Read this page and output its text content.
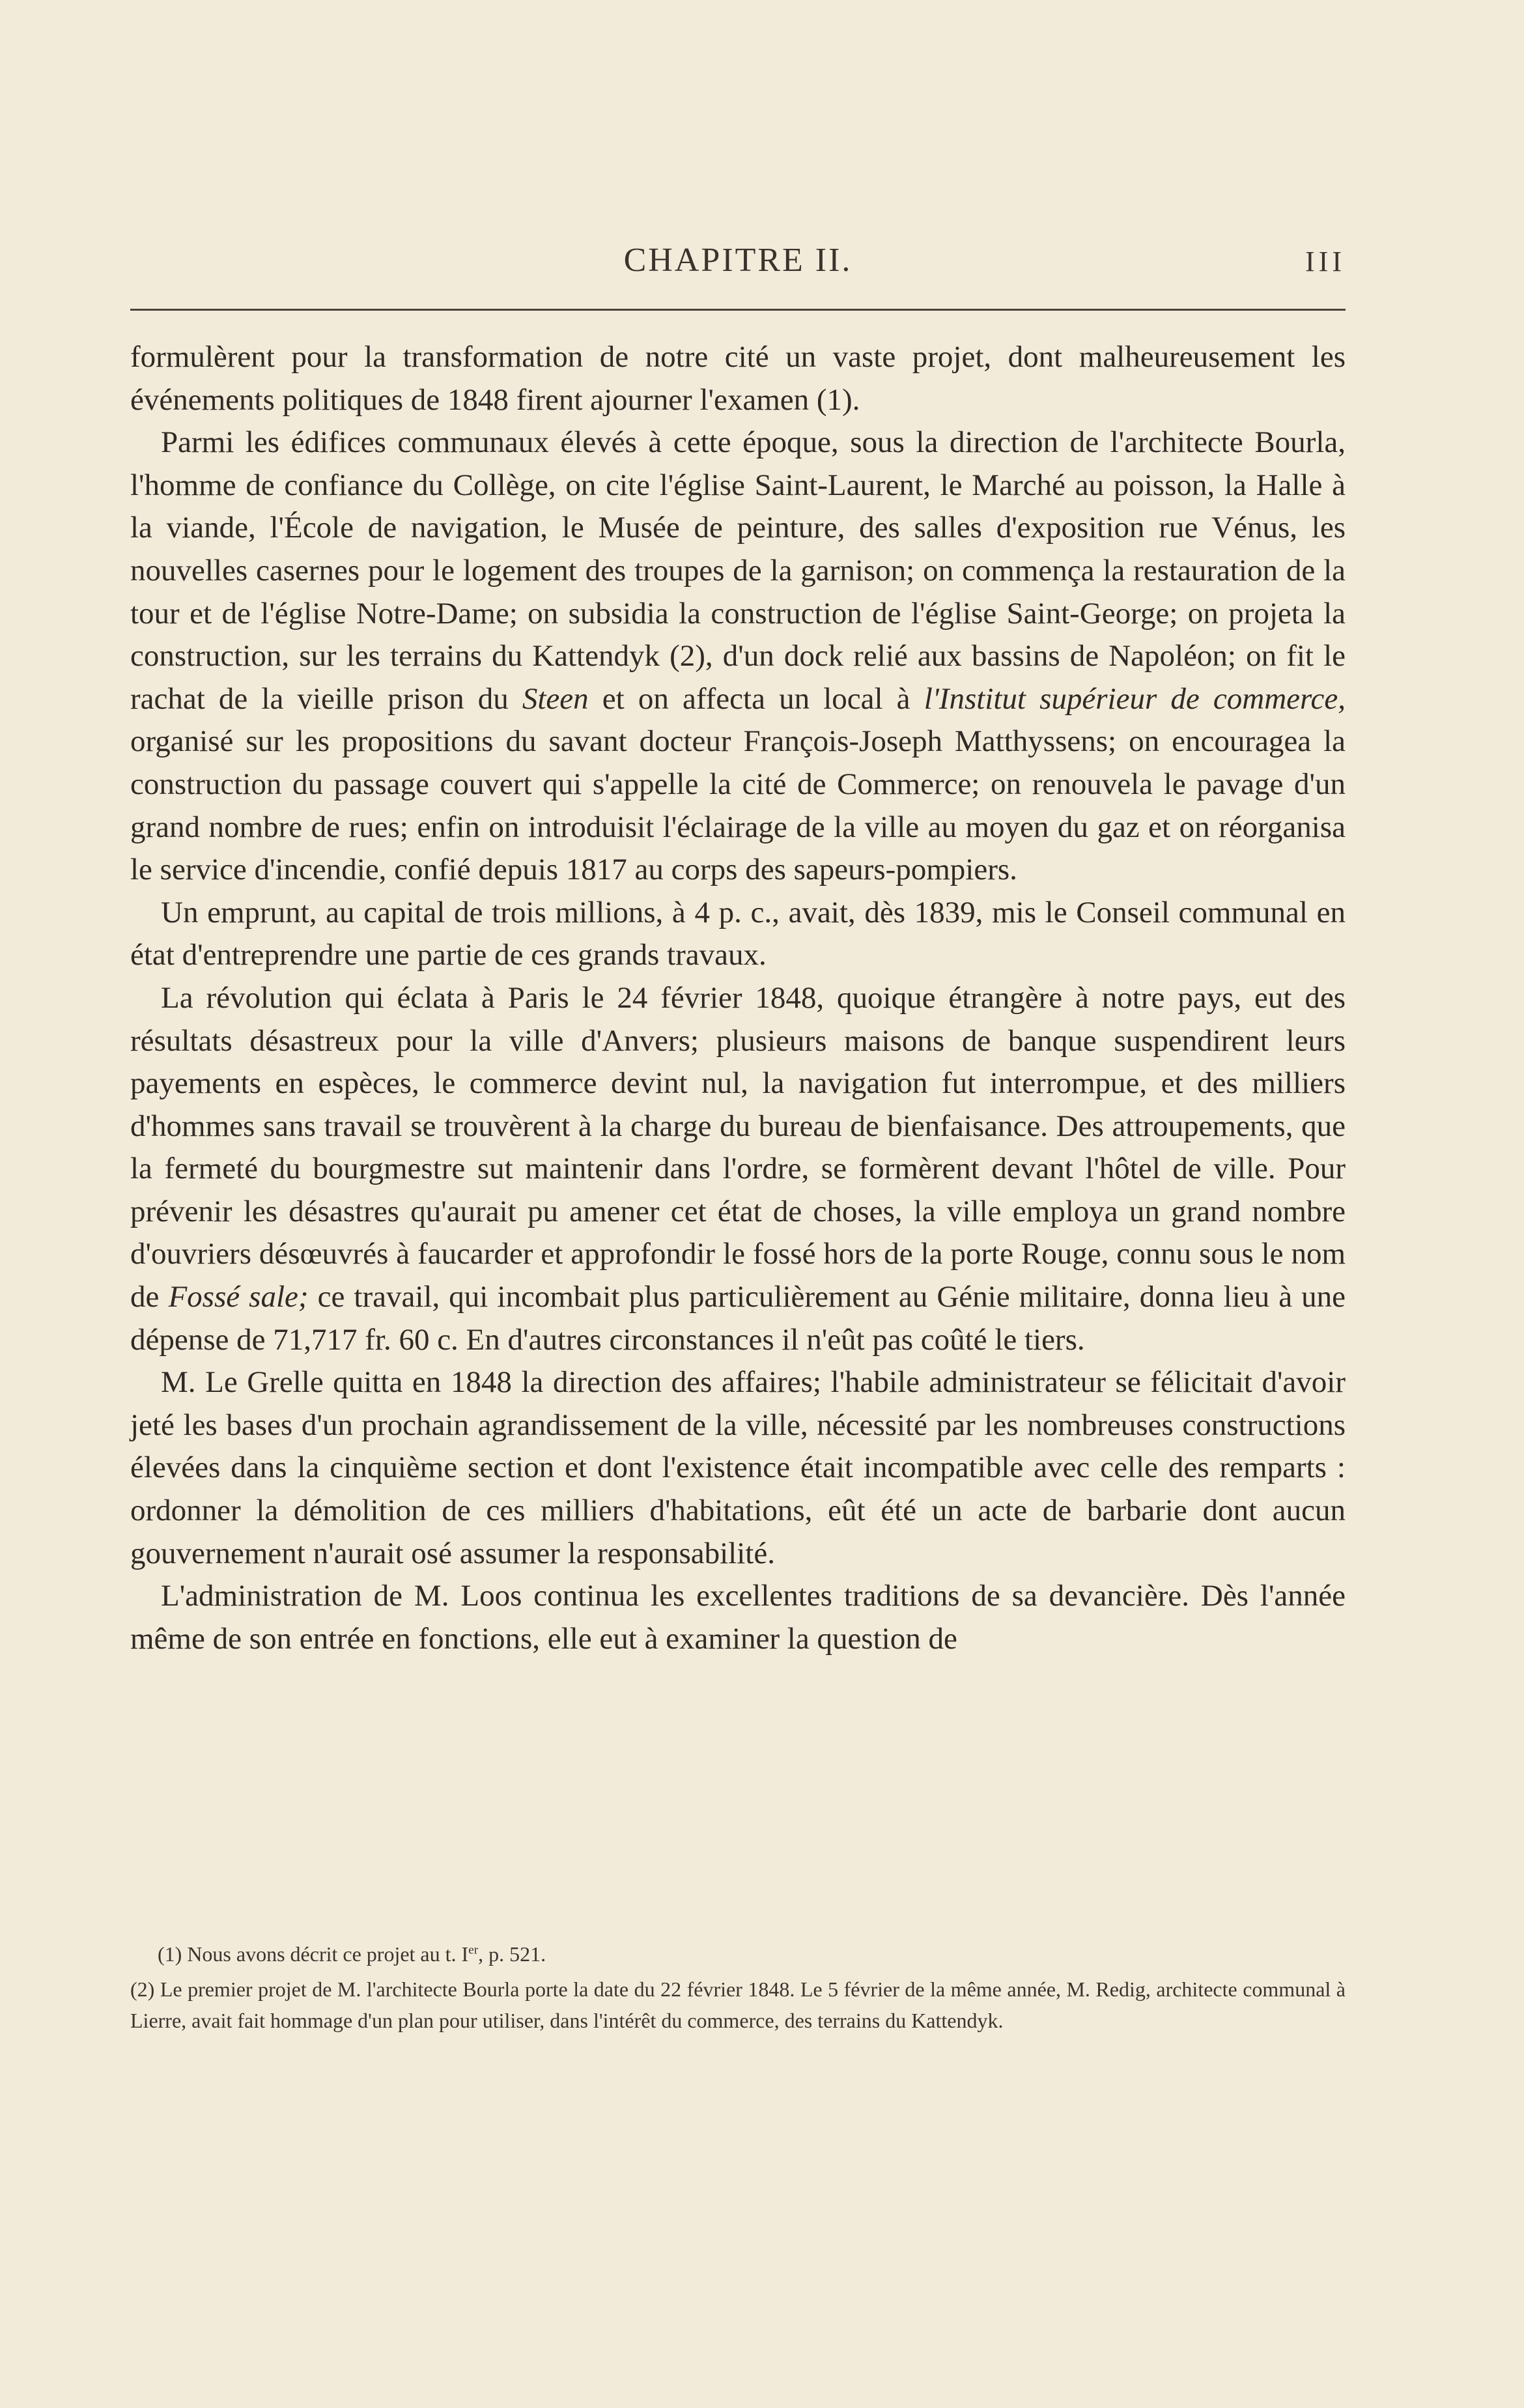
CHAPITRE II.	III

formulèrent pour la transformation de notre cité un vaste projet, dont malheureusement les événements politiques de 1848 firent ajourner l'examen (1).

Parmi les édifices communaux élevés à cette époque, sous la direction de l'architecte Bourla, l'homme de confiance du Collège, on cite l'église Saint-Laurent, le Marché au poisson, la Halle à la viande, l'École de navigation, le Musée de peinture, des salles d'exposition rue Vénus, les nouvelles casernes pour le logement des troupes de la garnison; on commença la restauration de la tour et de l'église Notre-Dame; on subsidia la construction de l'église Saint-George; on projeta la construction, sur les terrains du Kattendyk (2), d'un dock relié aux bassins de Napoléon; on fit le rachat de la vieille prison du Steen et on affecta un local à l'Institut supérieur de commerce, organisé sur les propositions du savant docteur François-Joseph Matthyssens; on encouragea la construction du passage couvert qui s'appelle la cité de Commerce; on renouvela le pavage d'un grand nombre de rues; enfin on introduisit l'éclairage de la ville au moyen du gaz et on réorganisa le service d'incendie, confié depuis 1817 au corps des sapeurs-pompiers.

Un emprunt, au capital de trois millions, à 4 p. c., avait, dès 1839, mis le Conseil communal en état d'entreprendre une partie de ces grands travaux.

La révolution qui éclata à Paris le 24 février 1848, quoique étrangère à notre pays, eut des résultats désastreux pour la ville d'Anvers; plusieurs maisons de banque suspendirent leurs payements en espèces, le commerce devint nul, la navigation fut interrompue, et des milliers d'hommes sans travail se trouvèrent à la charge du bureau de bienfaisance. Des attroupements, que la fermeté du bourgmestre sut maintenir dans l'ordre, se formèrent devant l'hôtel de ville. Pour prévenir les désastres qu'aurait pu amener cet état de choses, la ville employa un grand nombre d'ouvriers désœuvrés à faucarder et approfondir le fossé hors de la porte Rouge, connu sous le nom de Fossé sale; ce travail, qui incombait plus particulièrement au Génie militaire, donna lieu à une dépense de 71,717 fr. 60 c. En d'autres circonstances il n'eût pas coûté le tiers.

M. Le Grelle quitta en 1848 la direction des affaires; l'habile administrateur se félicitait d'avoir jeté les bases d'un prochain agrandissement de la ville, nécessité par les nombreuses constructions élevées dans la cinquième section et dont l'existence était incompatible avec celle des remparts : ordonner la démolition de ces milliers d'habitations, eût été un acte de barbarie dont aucun gouvernement n'aurait osé assumer la responsabilité.

L'administration de M. Loos continua les excellentes traditions de sa devancière. Dès l'année même de son entrée en fonctions, elle eut à examiner la question de

(1) Nous avons décrit ce projet au t. Ier, p. 521.

(2) Le premier projet de M. l'architecte Bourla porte la date du 22 février 1848. Le 5 février de la même année, M. Redig, architecte communal à Lierre, avait fait hommage d'un plan pour utiliser, dans l'intérêt du commerce, des terrains du Kattendyk.
